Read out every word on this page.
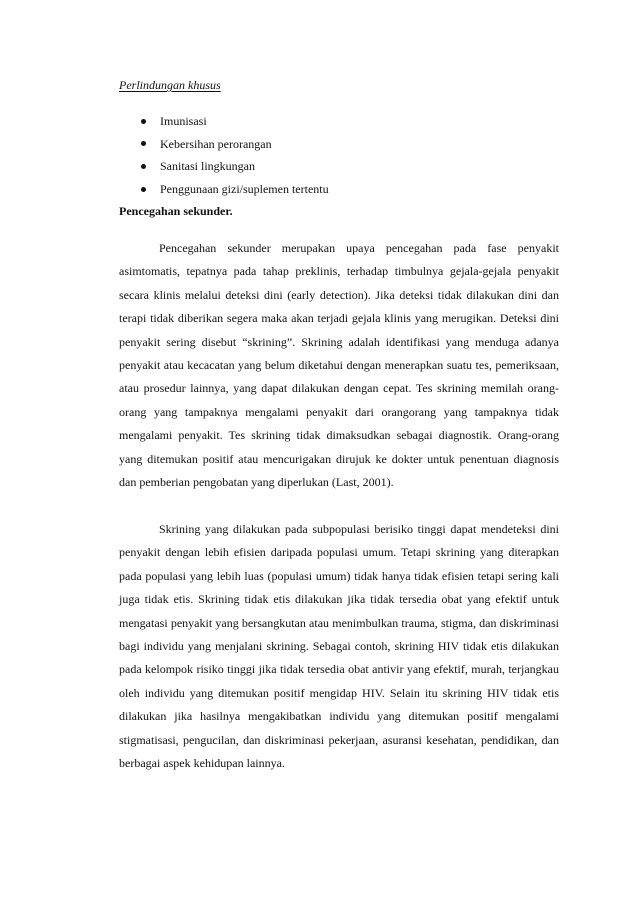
Perlindungan khusus
Imunisasi
Kebersihan perorangan
Sanitasi lingkungan
Penggunaan gizi/suplemen tertentu
Pencegahan sekunder.

Pencegahan sekunder merupakan upaya pencegahan pada fase penyakit asimtomatis, tepatnya pada tahap preklinis, terhadap timbulnya gejala-gejala penyakit secara klinis melalui deteksi dini (early detection). Jika deteksi tidak dilakukan dini dan terapi tidak diberikan segera maka akan terjadi gejala klinis yang merugikan. Deteksi dini penyakit sering disebut “skrining”. Skrining adalah identifikasi yang menduga adanya penyakit atau kecacatan yang belum diketahui dengan menerapkan suatu tes, pemeriksaan, atau prosedur lainnya, yang dapat dilakukan dengan cepat. Tes skrining memilah orang-orang yang tampaknya mengalami penyakit dari orangorang yang tampaknya tidak mengalami penyakit. Tes skrining tidak dimaksudkan sebagai diagnostik. Orang-orang yang ditemukan positif atau mencurigakan dirujuk ke dokter untuk penentuan diagnosis dan pemberian pengobatan yang diperlukan (Last, 2001).

Skrining yang dilakukan pada subpopulasi berisiko tinggi dapat mendeteksi dini penyakit dengan lebih efisien daripada populasi umum. Tetapi skrining yang diterapkan pada populasi yang lebih luas (populasi umum) tidak hanya tidak efisien tetapi sering kali juga tidak etis. Skrining tidak etis dilakukan jika tidak tersedia obat yang efektif untuk mengatasi penyakit yang bersangkutan atau menimbulkan trauma, stigma, dan diskriminasi bagi individu yang menjalani skrining. Sebagai contoh, skrining HIV tidak etis dilakukan pada kelompok risiko tinggi jika tidak tersedia obat antivir yang efektif, murah, terjangkau oleh individu yang ditemukan positif mengidap HIV. Selain itu skrining HIV tidak etis dilakukan jika hasilnya mengakibatkan individu yang ditemukan positif mengalami stigmatisasi, pengucilan, dan diskriminasi pekerjaan, asuransi kesehatan, pendidikan, dan berbagai aspek kehidupan lainnya.
